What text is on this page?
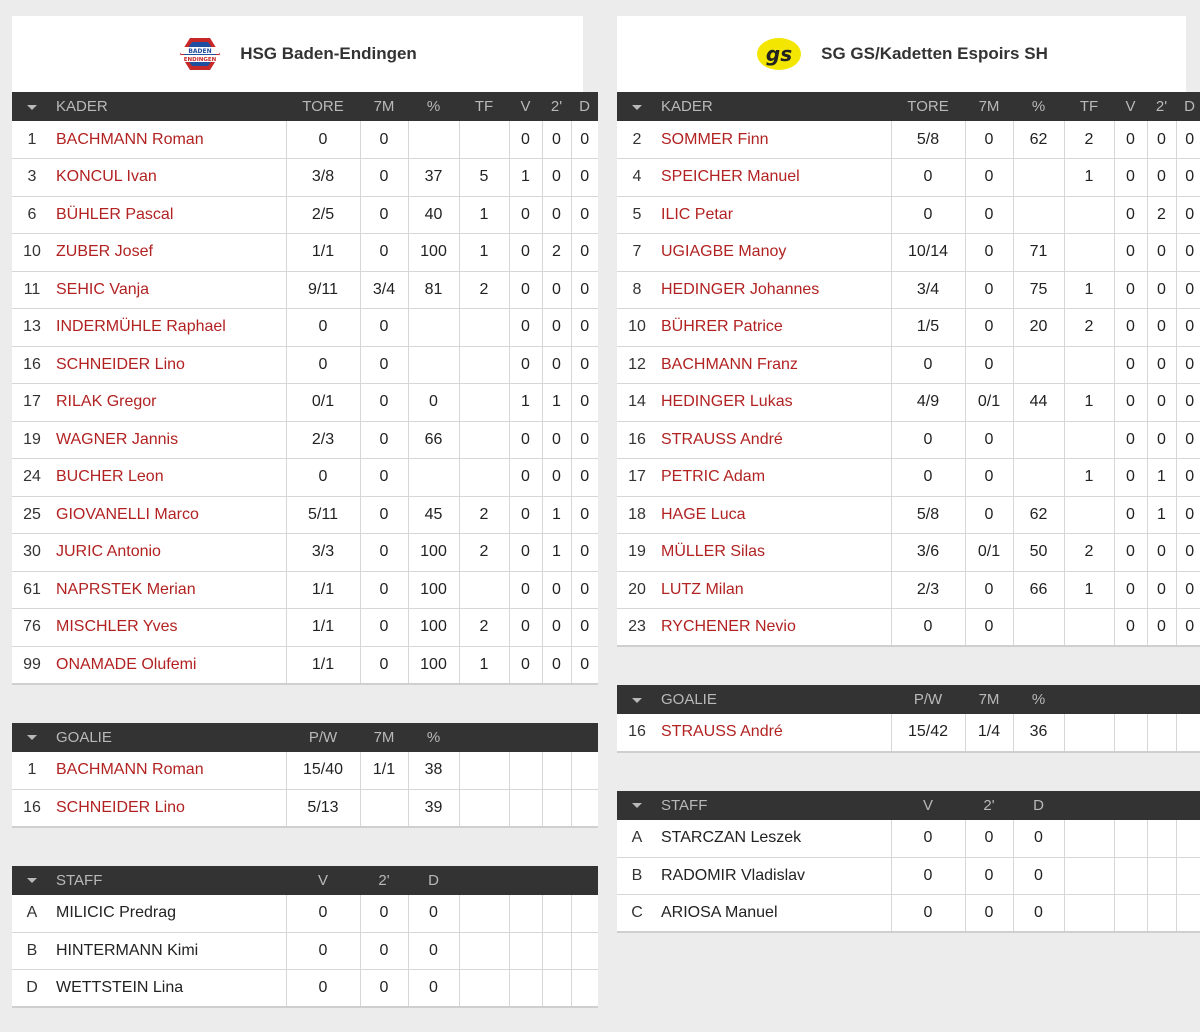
BADEN
ENDINGEN HSG Baden-Endingen
	KADER	TORE	7M	%	TF	V	2'	D
1	BACHMANN Roman	0	0			0	0	0
3	KONCUL Ivan	3/8	0	37	5	1	0	0
6	BÜHLER Pascal	2/5	0	40	1	0	0	0
10	ZUBER Josef	1/1	0	100	1	0	2	0
11	SEHIC Vanja	9/11	3/4	81	2	0	0	0
13	INDERMÜHLE Raphael	0	0			0	0	0
16	SCHNEIDER Lino	0	0			0	0	0
17	RILAK Gregor	0/1	0	0		1	1	0
19	WAGNER Jannis	2/3	0	66		0	0	0
24	BUCHER Leon	0	0			0	0	0
25	GIOVANELLI Marco	5/11	0	45	2	0	1	0
30	JURIC Antonio	3/3	0	100	2	0	1	0
61	NAPRSTEK Merian	1/1	0	100		0	0	0
76	MISCHLER Yves	1/1	0	100	2	0	0	0
99	ONAMADE Olufemi	1/1	0	100	1	0	0	0
	GOALIE	P/W	7M	%				
1	BACHMANN Roman	15/40	1/1	38				
16	SCHNEIDER Lino	5/13		39				
	STAFF	V	2'	D				
A	MILICIC Predrag	0	0	0				
B	HINTERMANN Kimi	0	0	0				
D	WETTSTEIN Lina	0	0	0				
gs SG GS/Kadetten Espoirs SH
	KADER	TORE	7M	%	TF	V	2'	D
2	SOMMER Finn	5/8	0	62	2	0	0	0
4	SPEICHER Manuel	0	0		1	0	0	0
5	ILIC Petar	0	0			0	2	0
7	UGIAGBE Manoy	10/14	0	71		0	0	0
8	HEDINGER Johannes	3/4	0	75	1	0	0	0
10	BÜHRER Patrice	1/5	0	20	2	0	0	0
12	BACHMANN Franz	0	0			0	0	0
14	HEDINGER Lukas	4/9	0/1	44	1	0	0	0
16	STRAUSS André	0	0			0	0	0
17	PETRIC Adam	0	0		1	0	1	0
18	HAGE Luca	5/8	0	62		0	1	0
19	MÜLLER Silas	3/6	0/1	50	2	0	0	0
20	LUTZ Milan	2/3	0	66	1	0	0	0
23	RYCHENER Nevio	0	0			0	0	0
	GOALIE	P/W	7M	%				
16	STRAUSS André	15/42	1/4	36				
	STAFF	V	2'	D				
A	STARCZAN Leszek	0	0	0				
B	RADOMIR Vladislav	0	0	0				
C	ARIOSA Manuel	0	0	0				
